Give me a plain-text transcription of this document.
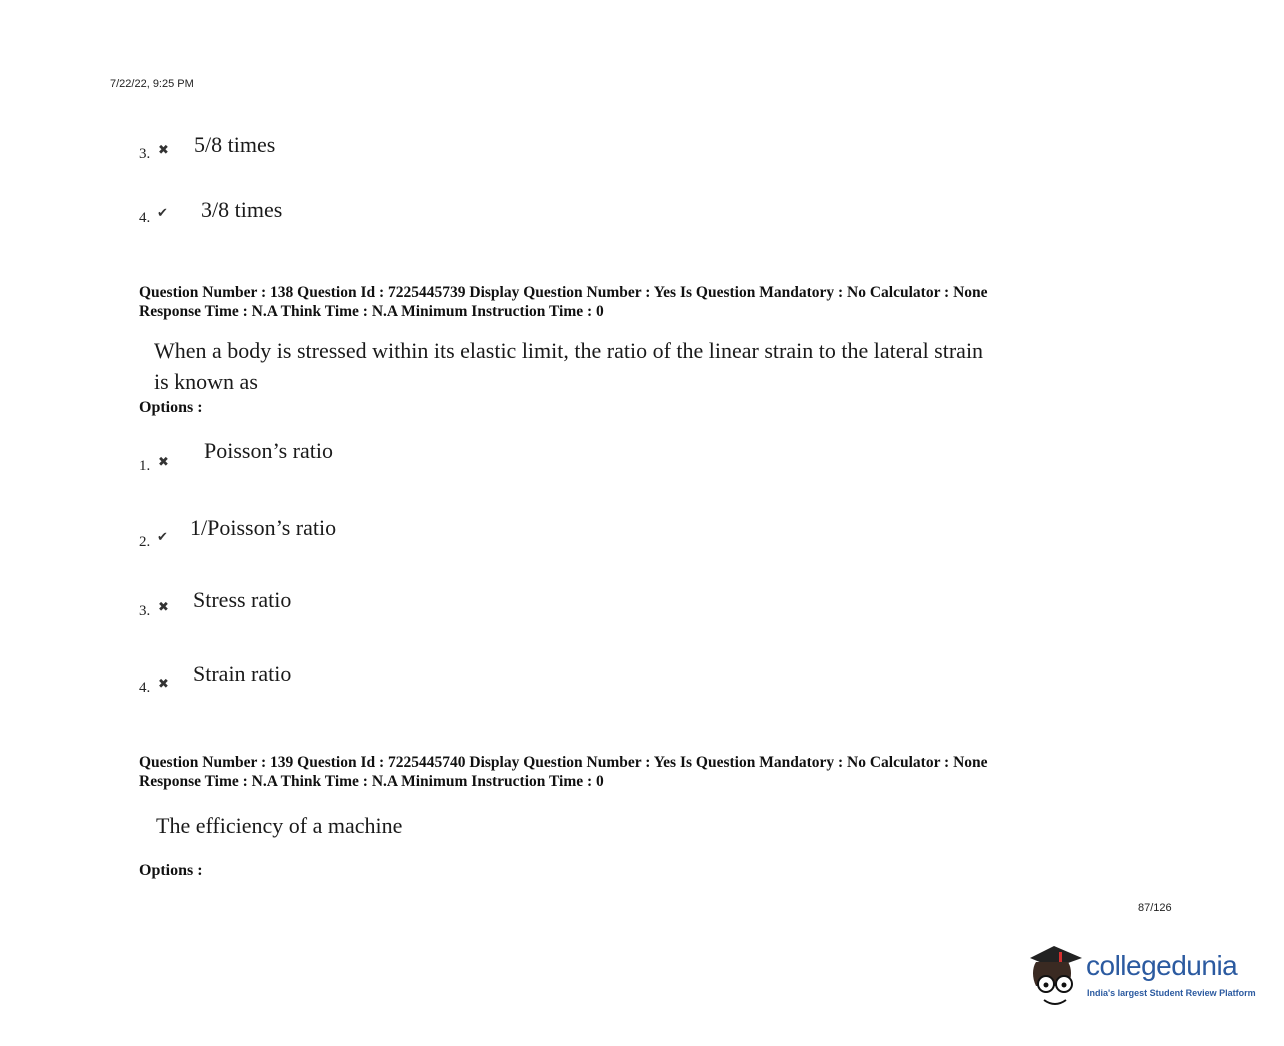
7/22/22, 9:25 PM
3. ✖ 5/8 times
4. ✔ 3/8 times
Question Number : 138 Question Id : 7225445739 Display Question Number : Yes Is Question Mandatory : No Calculator : None
Response Time : N.A Think Time : N.A Minimum Instruction Time : 0
When a body is stressed within its elastic limit, the ratio of the linear strain to the lateral strain
is known as
Options :
1. ✖ Poisson’s ratio
2. ✔ 1/Poisson’s ratio
3. ✖ Stress ratio
4. ✖ Strain ratio
Question Number : 139 Question Id : 7225445740 Display Question Number : Yes Is Question Mandatory : No Calculator : None
Response Time : N.A Think Time : N.A Minimum Instruction Time : 0
The efficiency of a machine
Options :
87/126
collegedunia
India's largest Student Review Platform
